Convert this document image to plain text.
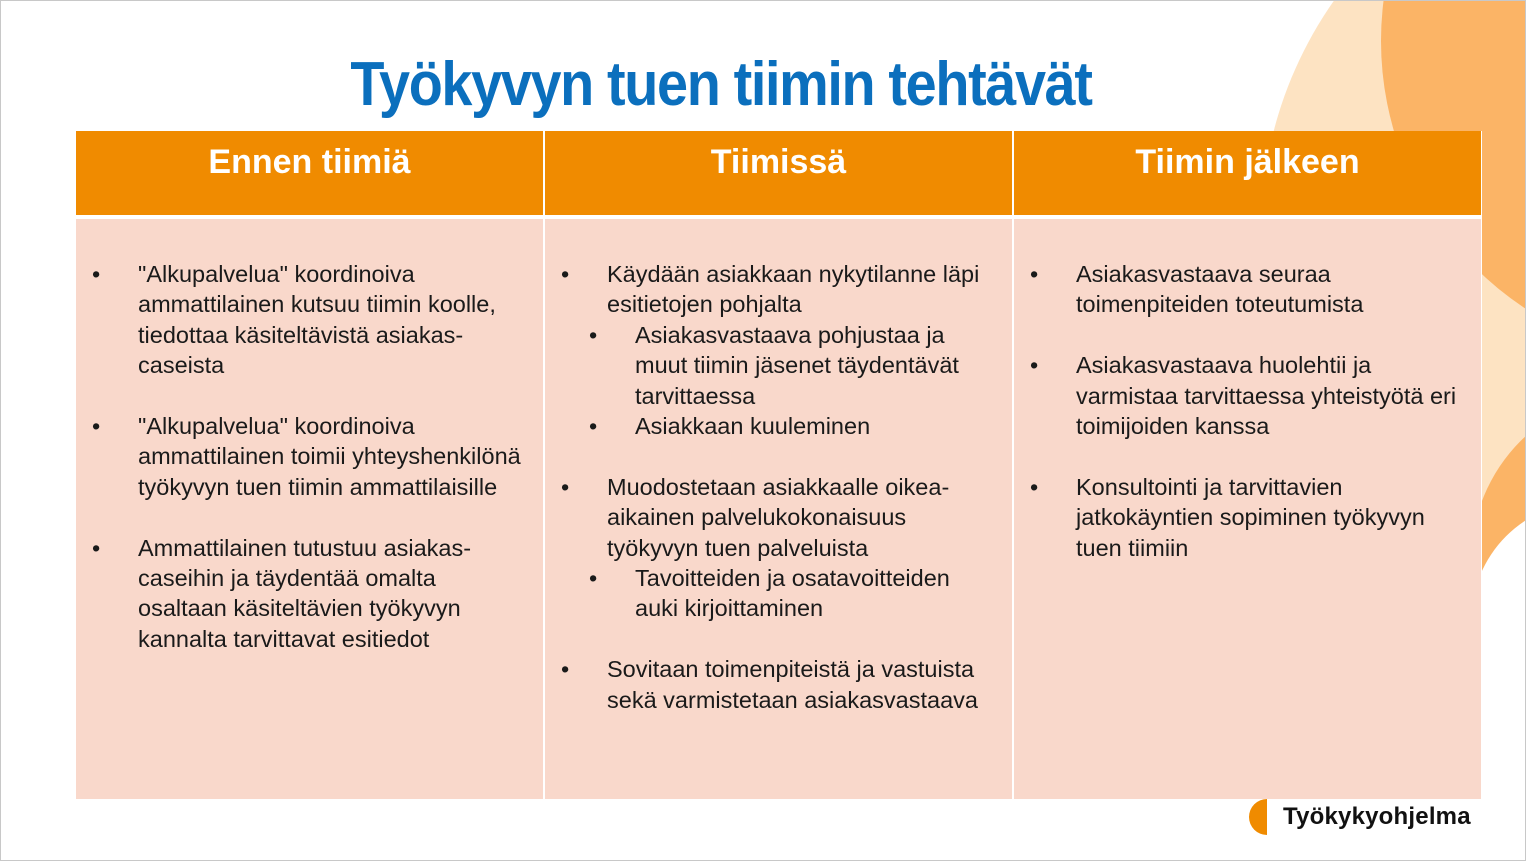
Työkyvyn tuen tiimin tehtävät
Ennen tiimiä	Tiimissä	Tiimin jälkeen
• "Alkupalvelua" koordinoiva ammattilainen kutsuu tiimin koolle, tiedottaa käsiteltävistä asiakas-caseista
• "Alkupalvelua" koordinoiva ammattilainen toimii yhteyshenkilönä työkyvyn tuen tiimin ammattilaisille
• Ammattilainen tutustuu asiakas-caseihin ja täydentää omalta osaltaan käsiteltävien työkyvyn kannalta tarvittavat esitiedot
• Käydään asiakkaan nykytilanne läpi esitietojen pohjalta
• Asiakasvastaava pohjustaa ja muut tiimin jäsenet täydentävät tarvittaessa
• Asiakkaan kuuleminen
• Muodostetaan asiakkaalle oikea-aikainen palvelukokonaisuus työkyvyn tuen palveluista
• Tavoitteiden ja osatavoitteiden auki kirjoittaminen
• Sovitaan toimenpiteistä ja vastuista sekä varmistetaan asiakasvastaava
• Asiakasvastaava seuraa toimenpiteiden toteutumista
• Asiakasvastaava huolehtii ja varmistaa tarvittaessa yhteistyötä eri toimijoiden kanssa
• Konsultointi ja tarvittavien jatkokäyntien sopiminen työkyvyn tuen tiimiin
Työkykyohjelma
